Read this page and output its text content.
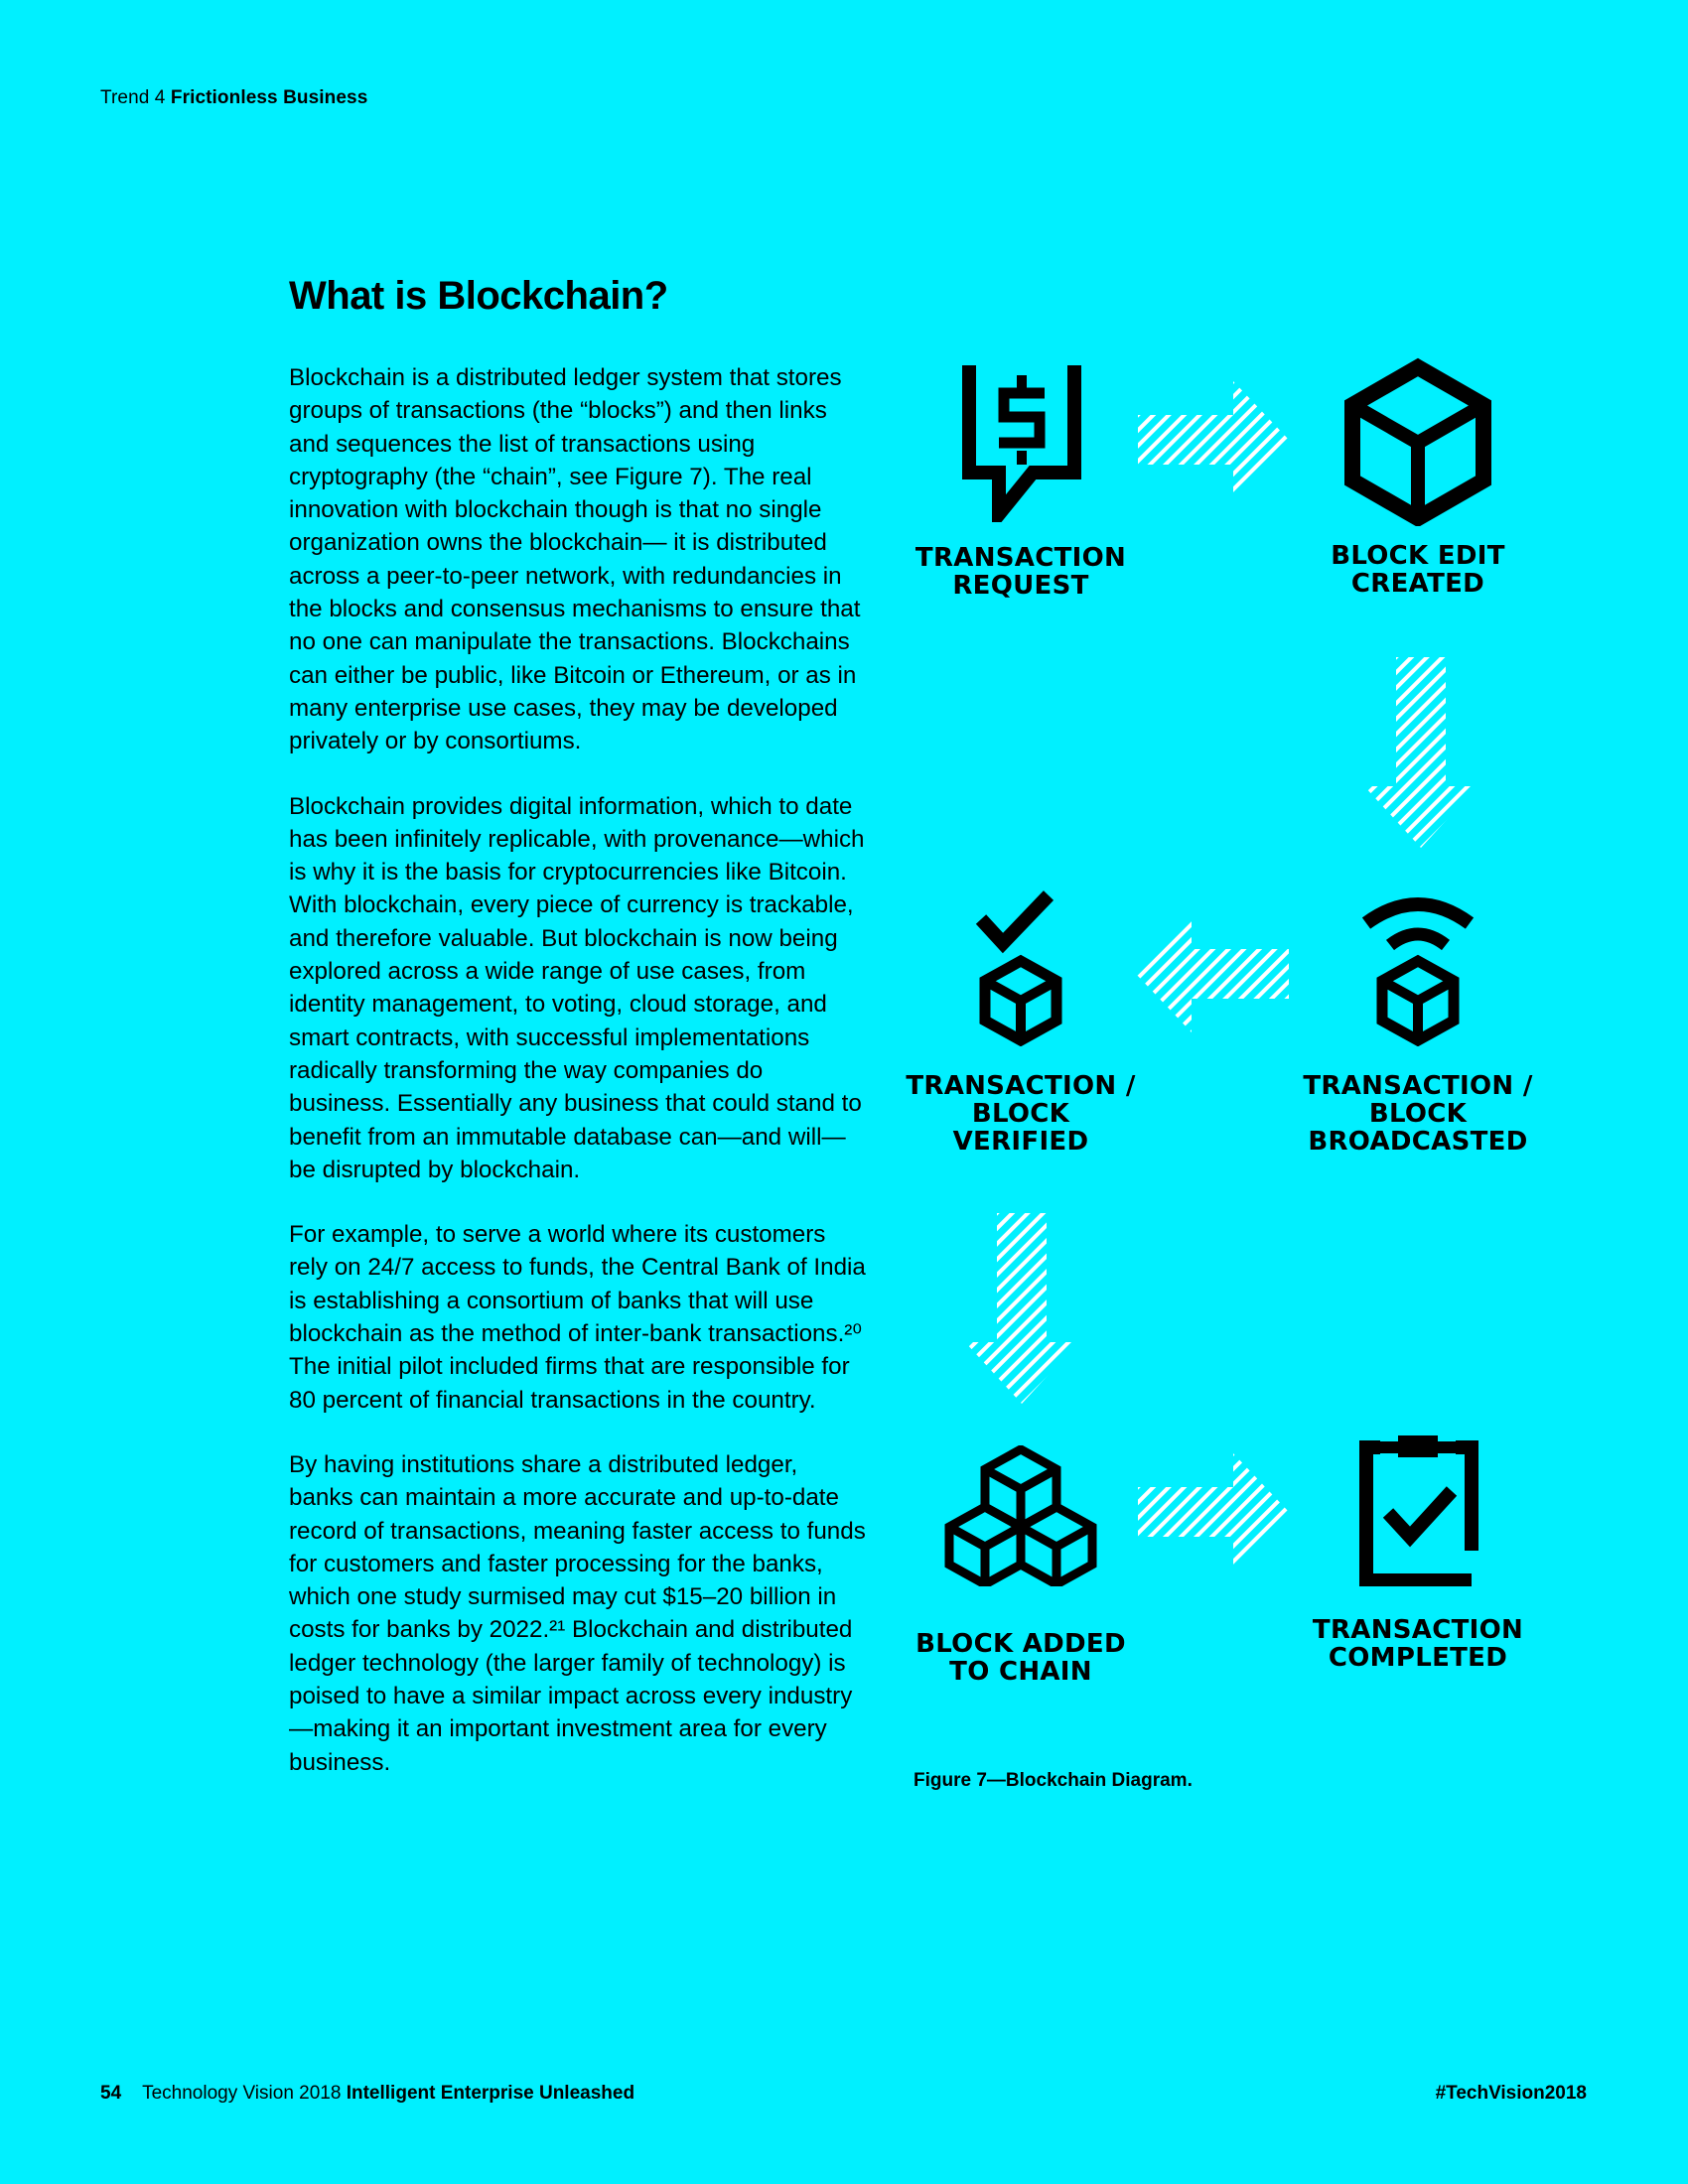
Trend 4 Frictionless Business
What is Blockchain?

Blockchain is a distributed ledger system that stores groups of transactions (the “blocks”) and then links and sequences the list of transactions using cryptography (the “chain”, see Figure 7). The real innovation with blockchain though is that no single organization owns the blockchain— it is distributed across a peer-to-peer network, with redundancies in the blocks and consensus mechanisms to ensure that no one can manipulate the transactions. Blockchains can either be public, like Bitcoin or Ethereum, or as in many enterprise use cases, they may be developed privately or by consortiums.

Blockchain provides digital information, which to date has been infinitely replicable, with provenance—which is why it is the basis for cryptocurrencies like Bitcoin. With blockchain, every piece of currency is trackable, and therefore valuable. But blockchain is now being explored across a wide range of use cases, from identity management, to voting, cloud storage, and smart contracts, with successful implementations radically transforming the way companies do business. Essentially any business that could stand to benefit from an immutable database can—and will— be disrupted by blockchain.

For example, to serve a world where its customers rely on 24/7 access to funds, the Central Bank of India is establishing a consortium of banks that will use blockchain as the method of inter-bank transactions.²⁰ The initial pilot included firms that are responsible for 80 percent of financial transactions in the country.

By having institutions share a distributed ledger, banks can maintain a more accurate and up-to-date record of transactions, meaning faster access to funds for customers and faster processing for the banks, which one study surmised may cut $15–20 billion in costs for banks by 2022.²¹ Blockchain and distributed ledger technology (the larger family of technology) is poised to have a similar impact across every industry—making it an important investment area for every business.

TRANSACTION
REQUEST
BLOCK EDIT
CREATED
TRANSACTION /
BLOCK
BROADCASTED
TRANSACTION /
BLOCK
VERIFIED
BLOCK ADDED
TO CHAIN
TRANSACTION
COMPLETED
Figure 7—Blockchain Diagram.
54 Technology Vision 2018 Intelligent Enterprise Unleashed	#TechVision2018
